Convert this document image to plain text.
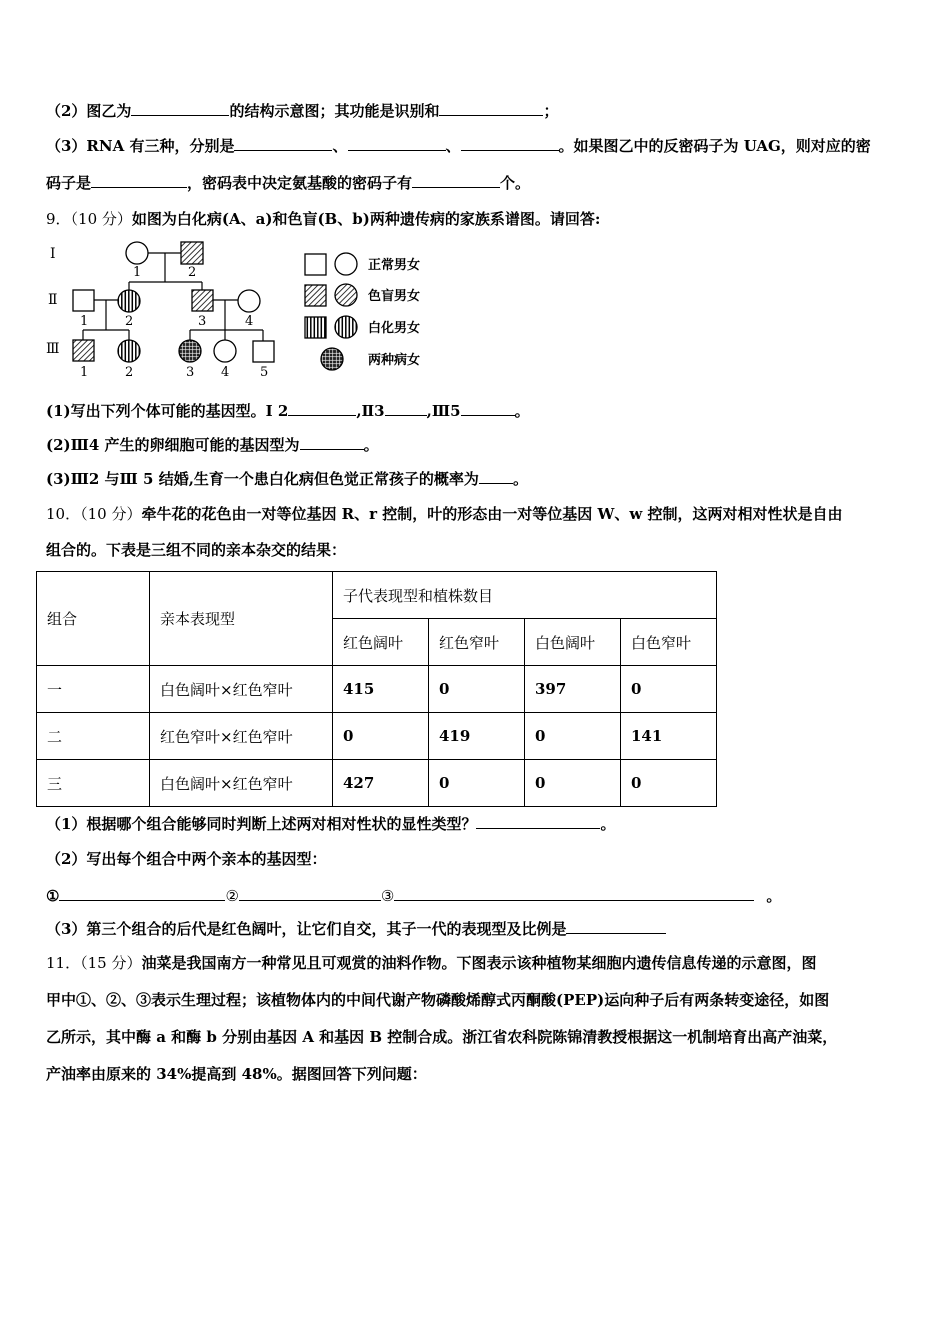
（2）图乙为	的结构示意图；其功能是识别和	；
（3）RNA 有三种，分别是	、	、	。如果图乙中的反密码子为 UAG，则对应的密
码子是	，密码表中决定氨基酸的密码子有	个。
9．（10 分）如图为白化病(A、a)和色盲(B、b)两种遗传病的家族系谱图。请回答:
Ⅰ
Ⅱ
Ⅲ
1	2
1	2	3	4
1	2	3 4 5
正常男女
色盲男女
白化男女
两种病女
(1)写出下列个体可能的基因型。Ⅰ 2	,Ⅱ3	,Ⅲ5	。
(2)Ⅲ4 产生的卵细胞可能的基因型为	。
(3)Ⅲ2 与Ⅲ 5 结婚,生育一个患白化病但色觉正常孩子的概率为 。
10．（10 分）牵牛花的花色由一对等位基因 R、r 控制，叶的形态由一对等位基因 W、w 控制，这两对相对性状是自由
组合的。下表是三组不同的亲本杂交的结果：
组合	亲本表现型	子代表现型和植株数目			
		红色阔叶	红色窄叶	白色阔叶	白色窄叶
一	白色阔叶×红色窄叶	415	0	397	0
二	红色窄叶×红色窄叶	0	419	0	141
三	白色阔叶×红色窄叶	427	0	0	0
（1）根据哪个组合能够同时判断上述两对相对性状的显性类型？	。
（2）写出每个组合中两个亲本的基因型：
①	②	③	。
（3）第三个组合的后代是红色阔叶，让它们自交，其子一代的表现型及比例是
11．（15 分）油菜是我国南方一种常见且可观赏的油料作物。下图表示该种植物某细胞内遗传信息传递的示意图，图
甲中①、②、③表示生理过程；该植物体内的中间代谢产物磷酸烯醇式丙酮酸(PEP)运向种子后有两条转变途径，如图
乙所示，其中酶 a 和酶 b 分别由基因 A 和基因 B 控制合成。浙江省农科院陈锦清教授根据这一机制培育出高产油菜，
产油率由原来的 34%提高到 48%。据图回答下列问题：
